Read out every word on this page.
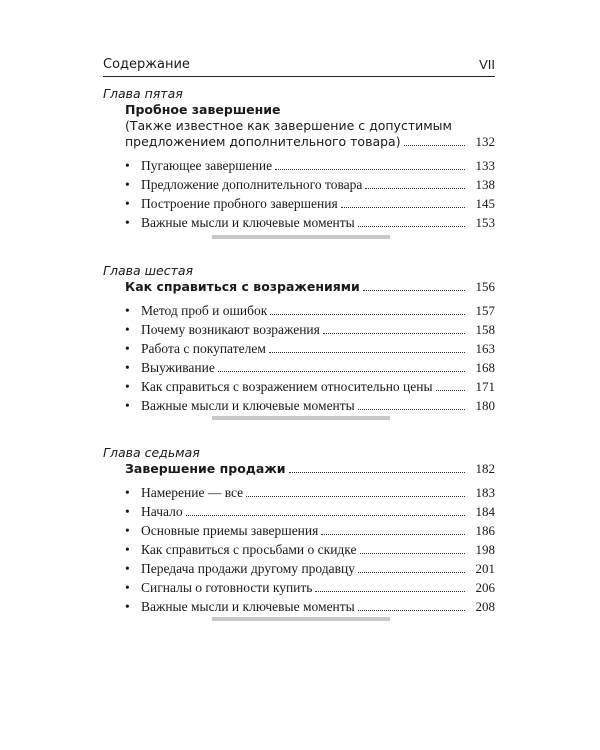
Содержание	VII
Глава пятая
Пробное завершение
(Также известное как завершение с допустимым
предложением дополнительного товара)	132
• Пугающее завершение	133
• Предложение дополнительного товара	138
• Построение пробного завершения	145
• Важные мысли и ключевые моменты	153
Глава шестая
Как справиться с возражениями	156
• Метод проб и ошибок	157
• Почему возникают возражения	158
• Работа с покупателем	163
• Выуживание	168
• Как справиться с возражением относительно цены	171
• Важные мысли и ключевые моменты	180
Глава седьмая
Завершение продажи	182
• Намерение — все	183
• Начало	184
• Основные приемы завершения	186
• Как справиться с просьбами о скидке	198
• Передача продажи другому продавцу	201
• Сигналы о готовности купить	206
• Важные мысли и ключевые моменты	208
